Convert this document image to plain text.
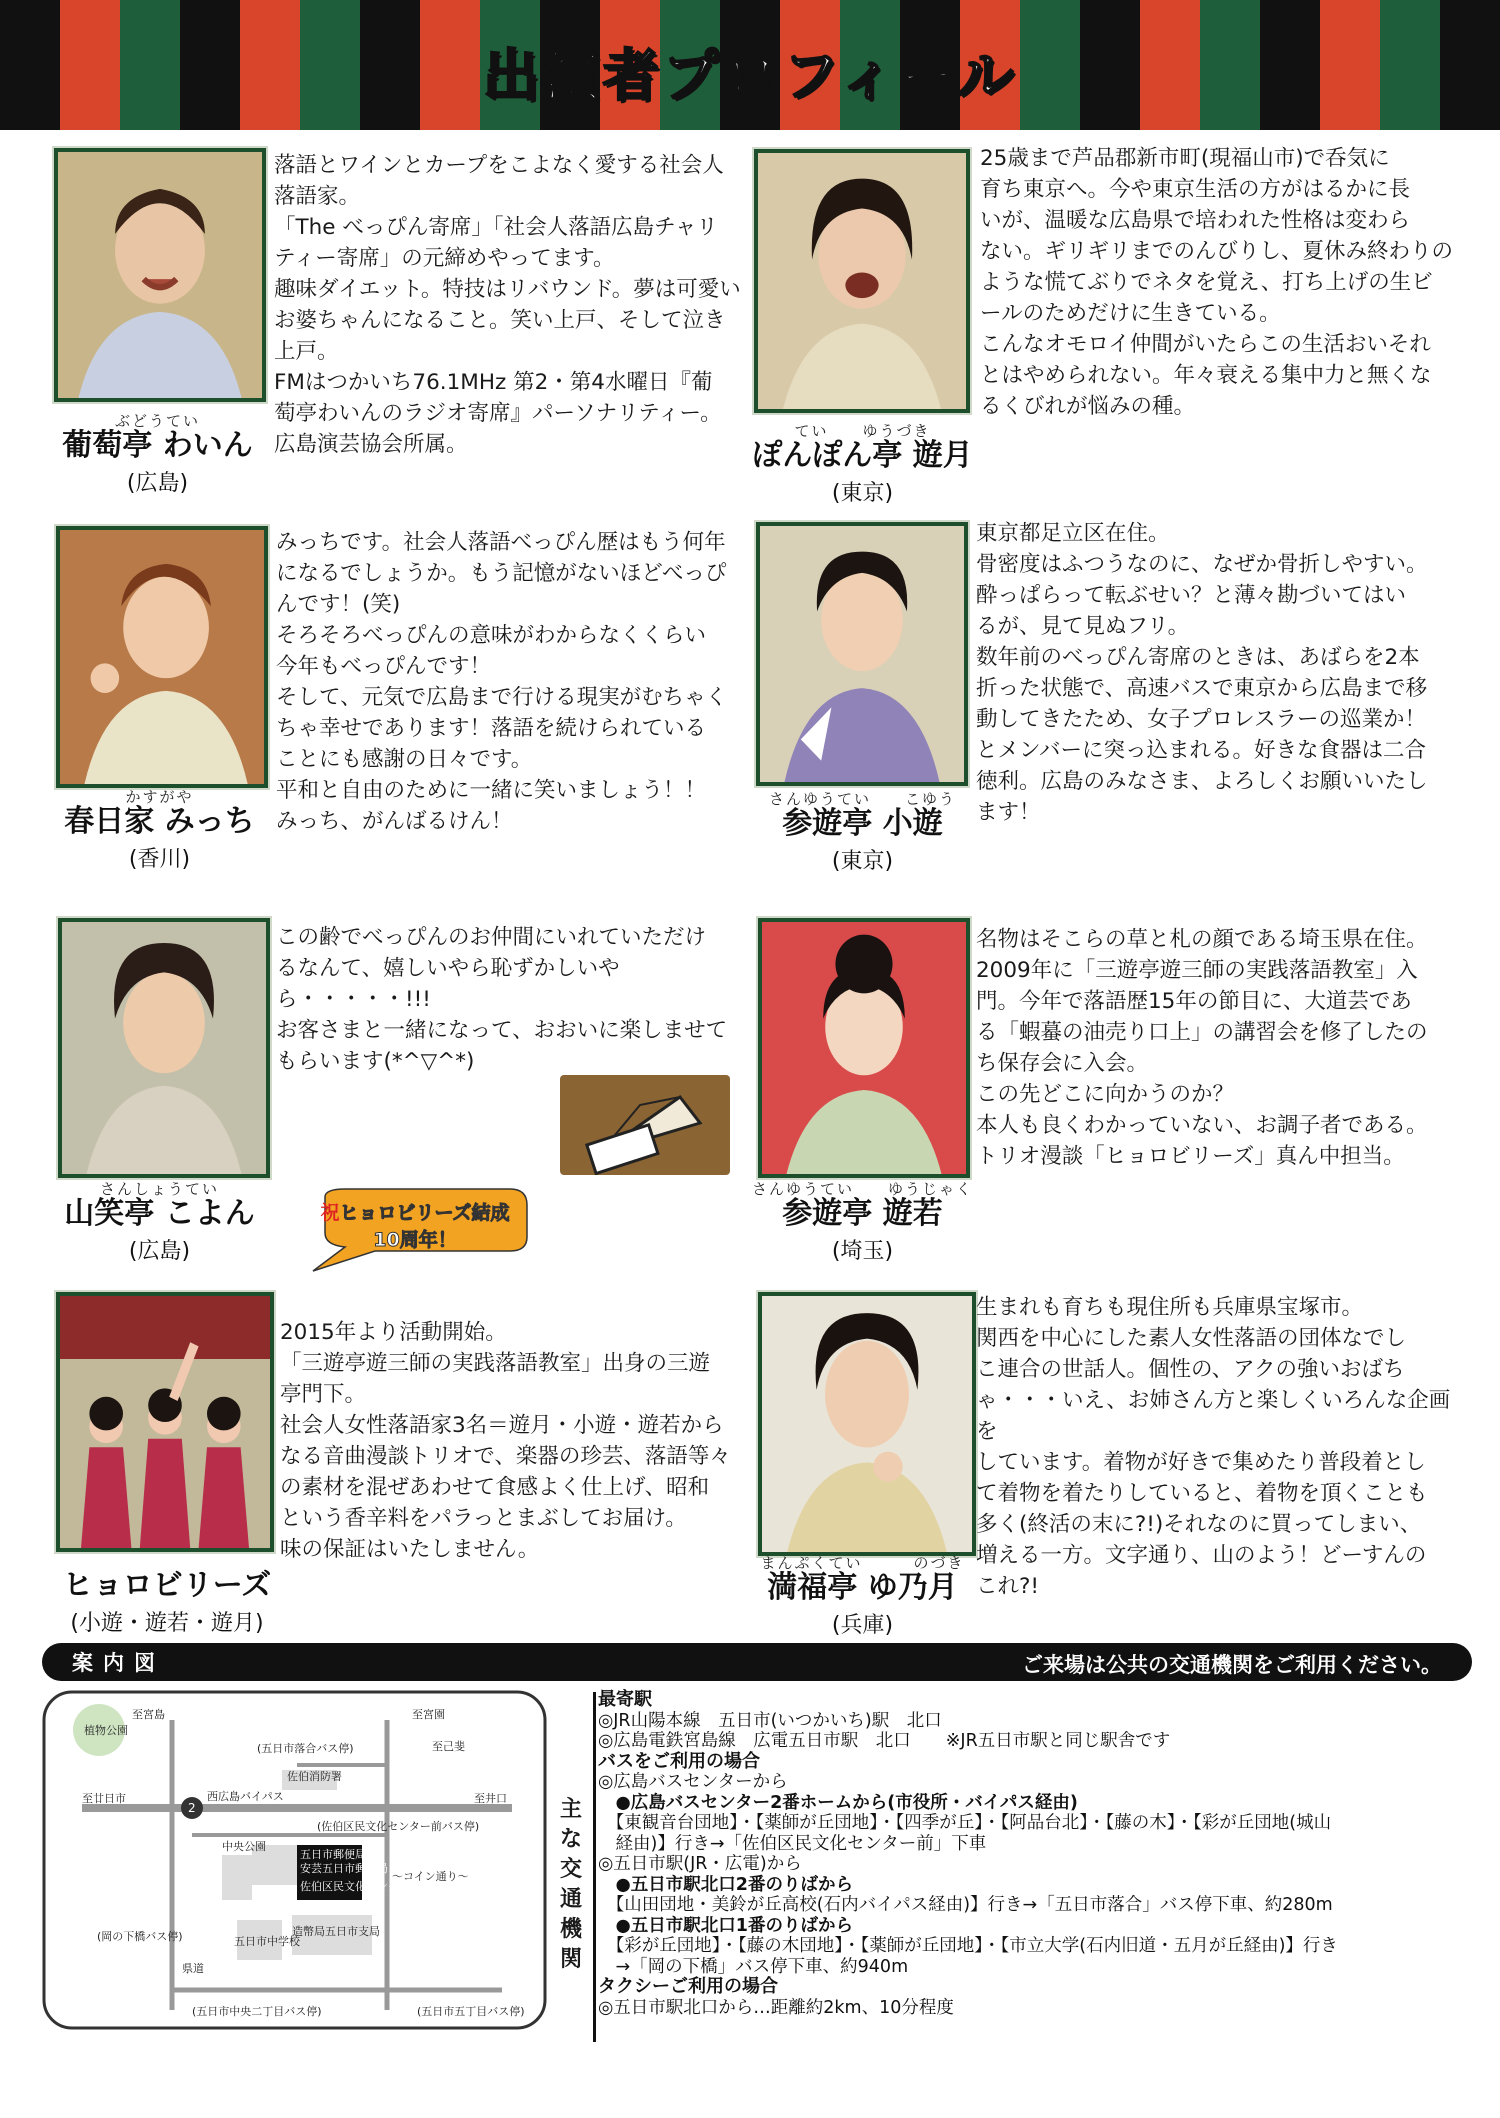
出演者プロフィール
ぶどうてい
葡萄亭 わいん
(広島)
落語とワインとカープをこよなく愛する社会人
落語家。
「The べっぴん寄席」「社会人落語広島チャリ
ティー寄席」の元締めやってます。
趣味ダイエット。特技はリバウンド。夢は可愛い
お婆ちゃんになること。笑い上戸、そして泣き
上戸。
FMはつかいち76.1MHz 第2・第4水曜日『葡
萄亭わいんのラジオ寄席』パーソナリティー。
広島演芸協会所属。
てい　　ゆうづき
ぽんぽん亭 遊月
(東京)
25歳まで芦品郡新市町(現福山市)で呑気に
育ち東京へ。今や東京生活の方がはるかに長
いが、温暖な広島県で培われた性格は変わら
ない。ギリギリまでのんびりし、夏休み終わりの
ような慌てぶりでネタを覚え、打ち上げの生ビ
ールのためだけに生きている。
こんなオモロイ仲間がいたらこの生活おいそれ
とはやめられない。年々衰える集中力と無くな
るくびれが悩みの種。
かすがや
春日家 みっち
(香川)
みっちです。社会人落語べっぴん歴はもう何年
になるでしょうか。もう記憶がないほどべっぴ
んです！(笑)
そろそろべっぴんの意味がわからなくくらい
今年もべっぴんです！
そして、元気で広島まで行ける現実がむちゃく
ちゃ幸せであります！落語を続けられている
ことにも感謝の日々です。
平和と自由のために一緒に笑いましょう！！
みっち、がんばるけん！
さんゆうてい　　こゆう
参遊亭 小遊
(東京)
東京都足立区在住。
骨密度はふつうなのに、なぜか骨折しやすい。
酔っぱらって転ぶせい？と薄々勘づいてはい
るが、見て見ぬフリ。
数年前のべっぴん寄席のときは、あばらを2本
折った状態で、高速バスで東京から広島まで移
動してきたため、女子プロレスラーの巡業か！
とメンバーに突っ込まれる。好きな食器は二合
徳利。広島のみなさま、よろしくお願いいたし
ます！
さんしょうてい
山笑亭 こよん
(広島)
この齢でべっぴんのお仲間にいれていただけ
るなんて、嬉しいやら恥ずかしいやら・・・・・!!!
お客さまと一緒になって、おおいに楽しませて
もらいます(*^▽^*)
さんゆうてい　　ゆうじゃく
参遊亭 遊若
(埼玉)
名物はそこらの草と札の顔である埼玉県在住。
2009年に「三遊亭遊三師の実践落語教室」入
門。今年で落語歴15年の節目に、大道芸であ
る「蝦蟇の油売り口上」の講習会を修了したの
ち保存会に入会。
この先どこに向かうのか？
本人も良くわかっていない、お調子者である。
トリオ漫談「ヒョロビリーズ」真ん中担当。
祝ヒョロビリーズ結成
10周年！
ヒョロビリーズ
(小遊・遊若・遊月)
2015年より活動開始。
「三遊亭遊三師の実践落語教室」出身の三遊
亭門下。
社会人女性落語家3名＝遊月・小遊・遊若から
なる音曲漫談トリオで、楽器の珍芸、落語等々
の素材を混ぜあわせて食感よく仕上げ、昭和
という香辛料をパラっとまぶしてお届け。
味の保証はいたしません。
まんぷくてい　　　のづき
満福亭 ゆ乃月
(兵庫)
生まれも育ちも現住所も兵庫県宝塚市。
関西を中心にした素人女性落語の団体なでし
こ連合の世話人。個性の、アクの強いおばち
ゃ・・・いえ、お姉さん方と楽しくいろんな企画を
しています。着物が好きで集めたり普段着とし
て着物を着たりしていると、着物を頂くことも
多く(終活の末に?!)それなのに買ってしまい、
増える一方。文字通り、山のよう！どーすんの
これ?!
案内図	ご来場は公共の交通機関をご利用ください。
植物公園
至宮島
至廿日市	西広島バイパス	至井口
至宮園
至己斐
佐伯消防署
(五日市落合バス停)
(佐伯区民文化センター前バス停)
中央公園
五日市郵便局
安芸五日市郵便局
佐伯区民文化センター
～コイン通り～
(岡の下橋バス停)	五日市中学校
造幣局五日市支局
(五日市中央二丁目バス停)	(五日市五丁目バス停)
県道
2	主な交通機関
最寄駅
◎JR山陽本線　五日市(いつかいち)駅　北口
◎広島電鉄宮島線　広電五日市駅　北口　　※JR五日市駅と同じ駅舎です
バスをご利用の場合
◎広島バスセンターから
　●広島バスセンター2番ホームから(市役所・バイパス経由)
　【東観音台団地】・【薬師が丘団地】・【四季が丘】・【阿品台北】・【藤の木】・【彩が丘団地(城山
　経由)】行き→「佐伯区民文化センター前」下車
◎五日市駅(JR・広電)から
　●五日市駅北口2番のりばから
　【山田団地・美鈴が丘高校(石内バイパス経由)】行き→「五日市落合」バス停下車、約280m
　●五日市駅北口1番のりばから
　【彩が丘団地】・【藤の木団地】・【薬師が丘団地】・【市立大学(石内旧道・五月が丘経由)】行き
　→「岡の下橋」バス停下車、約940m
タクシーご利用の場合
◎五日市駅北口から…距離約2km、10分程度
